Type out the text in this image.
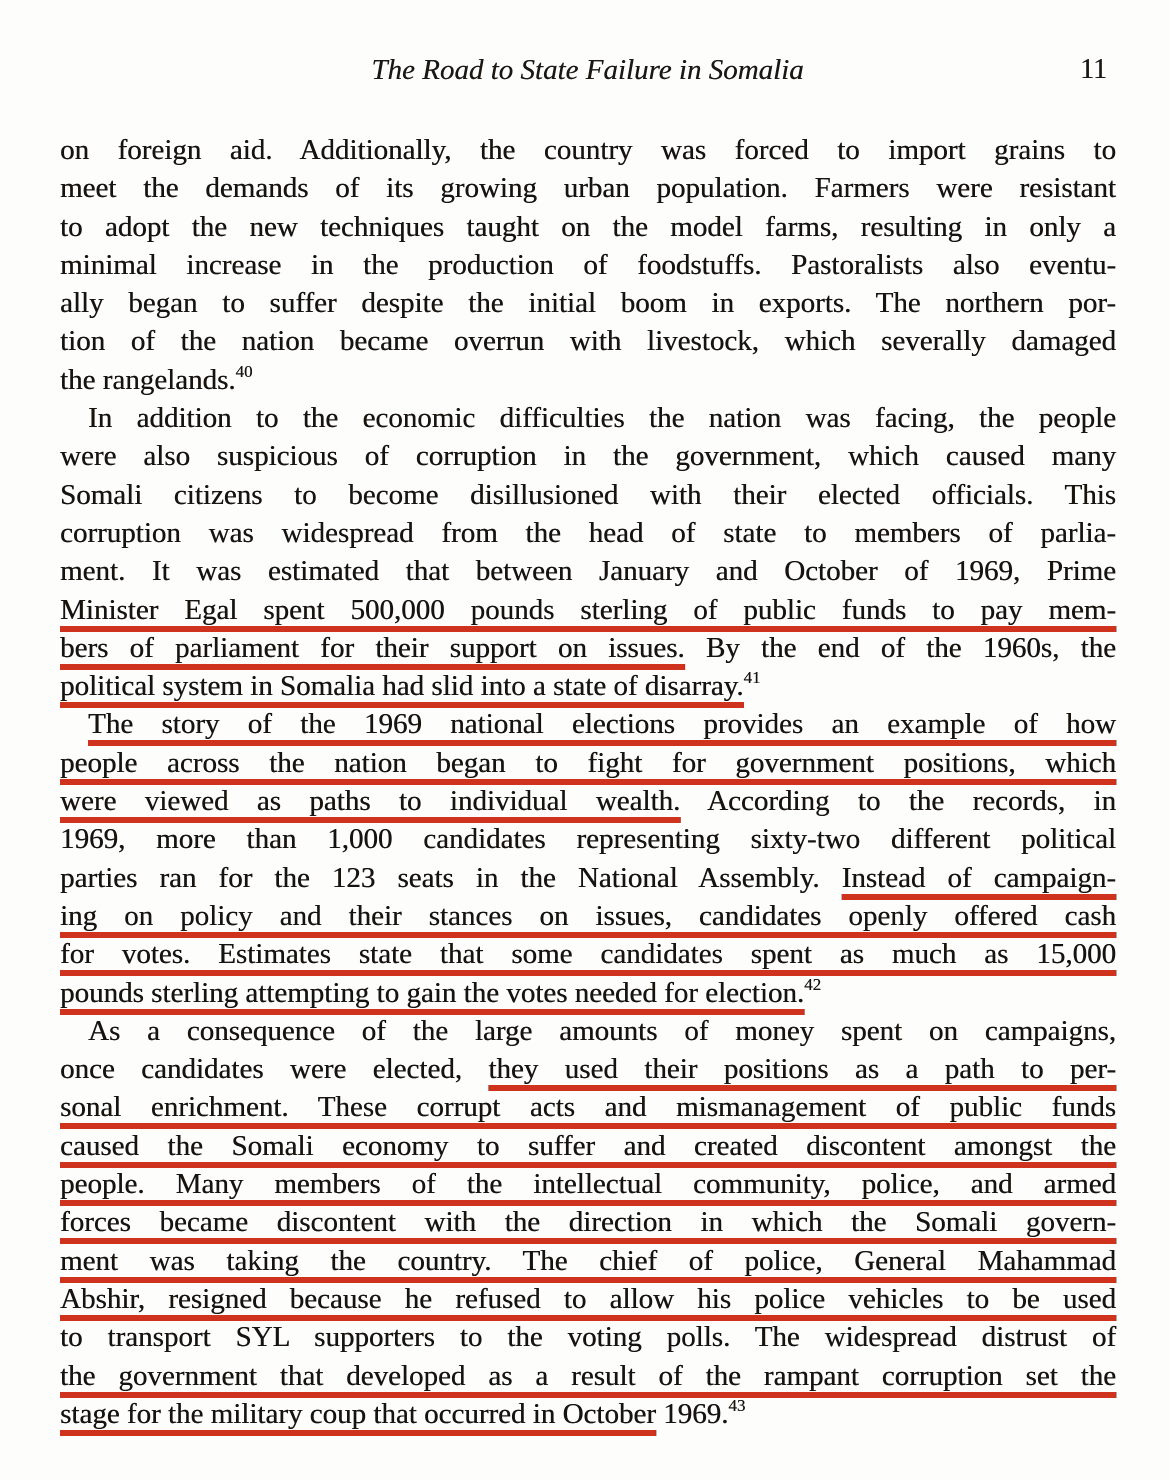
The Road to State Failure in Somalia	11
on foreign aid. Additionally, the country was forced to import grains to
meet the demands of its growing urban population. Farmers were resistant
to adopt the new techniques taught on the model farms, resulting in only a
minimal increase in the production of foodstuffs. Pastoralists also eventu-
ally began to suffer despite the initial boom in exports. The northern por-
tion of the nation became overrun with livestock, which severally damaged
the rangelands.$^{40}$
In addition to the economic difficulties the nation was facing, the people
were also suspicious of corruption in the government, which caused many
Somali citizens to become disillusioned with their elected officials. This
corruption was widespread from the head of state to members of parlia-
ment. It was estimated that between January and October of 1969, Prime
Minister Egal spent 500,000 pounds sterling of public funds to pay mem-
bers of parliament for their support on issues. By the end of the 1960s, the
political system in Somalia had slid into a state of disarray.$^{41}$
The story of the 1969 national elections provides an example of how
people across the nation began to fight for government positions, which
were viewed as paths to individual wealth. According to the records, in
1969, more than 1,000 candidates representing sixty-two different political
parties ran for the 123 seats in the National Assembly. Instead of campaign-
ing on policy and their stances on issues, candidates openly offered cash
for votes. Estimates state that some candidates spent as much as 15,000
pounds sterling attempting to gain the votes needed for election.$^{42}$
As a consequence of the large amounts of money spent on campaigns,
once candidates were elected, they used their positions as a path to per-
sonal enrichment. These corrupt acts and mismanagement of public funds
caused the Somali economy to suffer and created discontent amongst the
people. Many members of the intellectual community, police, and armed
forces became discontent with the direction in which the Somali govern-
ment was taking the country. The chief of police, General Mahammad
Abshir, resigned because he refused to allow his police vehicles to be used
to transport SYL supporters to the voting polls. The widespread distrust of
the government that developed as a result of the rampant corruption set the
stage for the military coup that occurred in October 1969.43
